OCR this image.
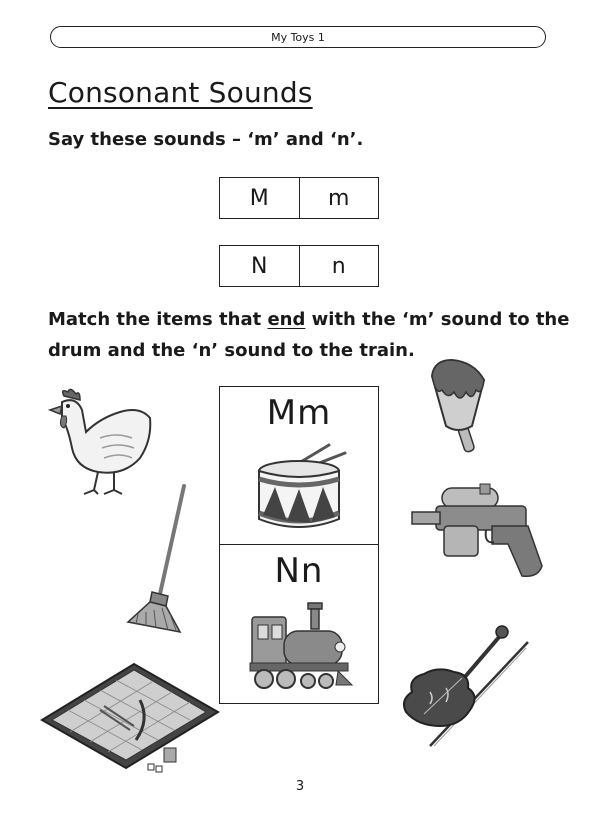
My Toys 1
Consonant Sounds
Say these sounds – ‘m’ and ‘n’.
M	m
N	n
Match the items that end with the ‘m’ sound to the
drum and the ‘n’ sound to the train.
Mm
Nn
3
